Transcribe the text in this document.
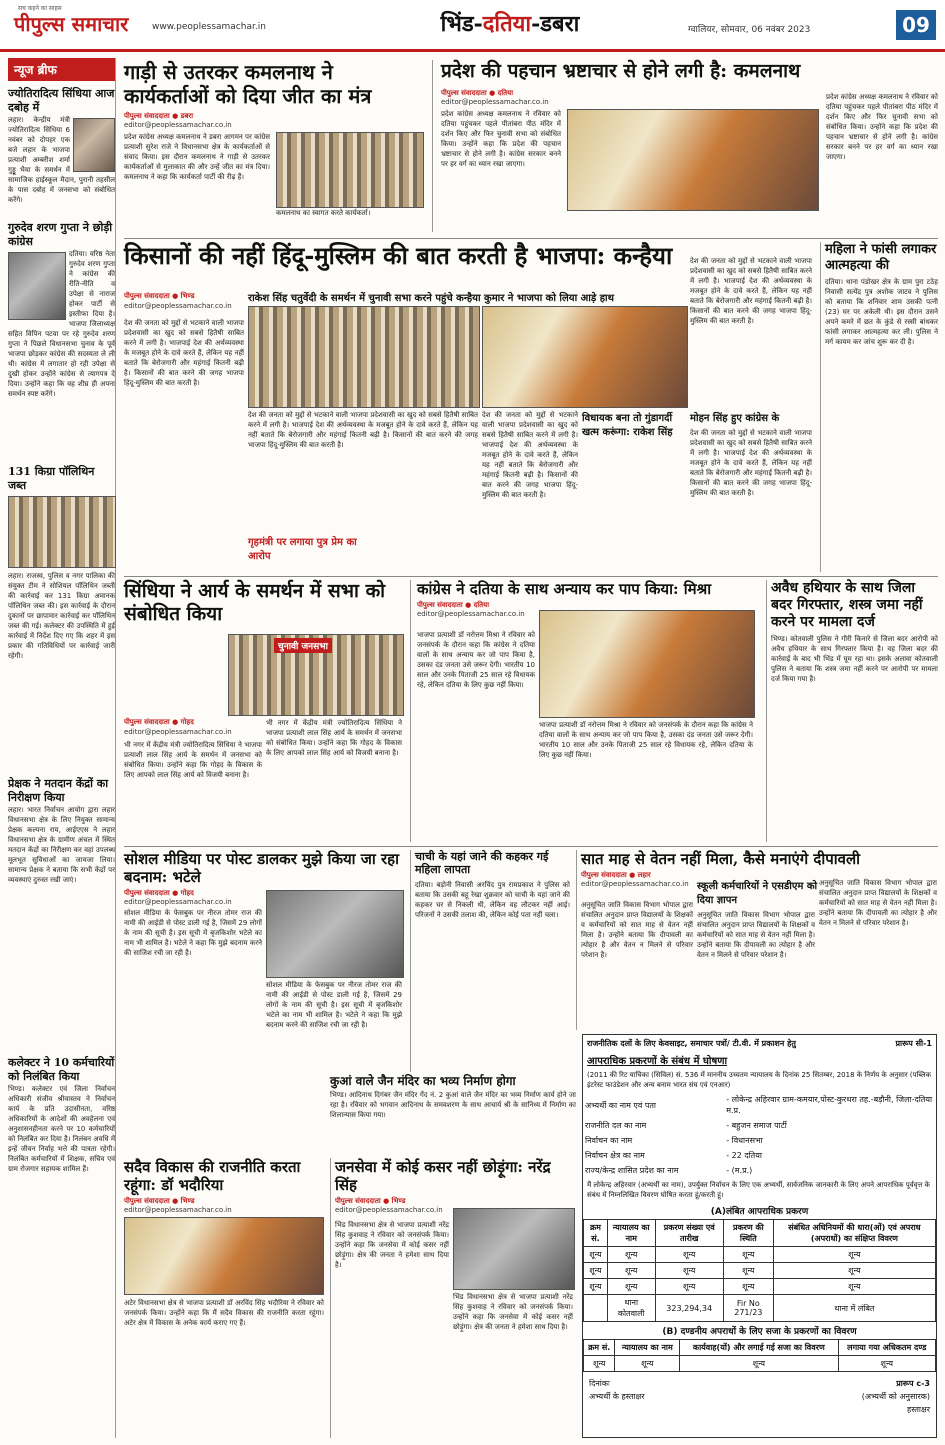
सच कहने का साहस
पीपुल्स समाचार	www.peoplessamachar.in	भिंड-दतिया-डबरा	ग्वालियर, सोमवार, 06 नवंबर 2023	09
न्यूज ब्रीफ
ज्योतिरादित्य सिंधिया आज दबोह में
लहार। केन्द्रीय मंत्री ज्योतिरादित्य सिंधिया 6 नवंबर को दोपहर एक बजे लहार के भाजपा प्रत्याशी अम्बरीश शर्मा गुड्डू भैया के समर्थन में सामाजिक हाईस्कूल मैदान, पुरानी तहसील के पास दबोह में जनसभा को संबोधित करेंगे।
गुरुदेव शरण गुप्ता ने छोड़ी कांग्रेस
दतिया। वरिष्ठ नेता गुरुदेव शरण गुप्ता ने कांग्रेस की रीति-नीति व उपेक्षा से नाराज होकर पार्टी से इस्तीफा दिया है। भाजपा जिलाध्यक्ष सहित विपिन पटवा पर रहे गुरुदेव शरण गुप्ता ने पिछले विधानसभा चुनाव के पूर्व भाजपा छोड़कर कांग्रेस की सदस्यता ले ली थी। कांग्रेस में लगातार हो रही उपेक्षा से दुखी होकर उन्होंने कांग्रेस से त्यागपत्र दे दिया। उन्होंने कहा कि वह शीघ्र ही अपना समर्थन स्पष्ट करेंगे।
131 किग्रा पॉलिथिन जब्त
लहार। राजस्व, पुलिस व नगर पालिका की संयुक्त टीम ने सोशियल पॉलिथिन जब्ती की कार्रवाई कर 131 किग्रा अमानक पॉलिथिन जब्त की। इस कार्रवाई के दौरान दुकानों पर छापामार कार्रवाई कर पॉलिथिन जब्त की गई। कलेक्टर की उपस्थिति में हुई कार्रवाई में निर्देश दिए गए कि शहर में इस प्रकार की गतिविधियों पर कार्रवाई जारी रहेगी।
प्रेक्षक ने मतदान केंद्रों का निरीक्षण किया
लहार। भारत निर्वाचन आयोग द्वारा लहार विधानसभा क्षेत्र के लिए नियुक्त सामान्य प्रेक्षक कल्पना राय, आईएएस ने लहार विधानसभा क्षेत्र के ग्रामीण अंचल में स्थित मतदान केंद्रों का निरीक्षण कर वहां उपलब्ध मूलभूत सुविधाओं का जायजा लिया। सामान्य प्रेक्षक ने बताया कि सभी केंद्रों पर व्यवस्थाएं दुरुस्त रखी जाएं।
कलेक्टर ने 10 कर्मचारियों को निलंबित किया
भिण्ड। कलेक्टर एवं जिला निर्वाचन अधिकारी संजीव श्रीवास्तव ने निर्वाचन कार्य के प्रति उदासीनता, वरिष्ठ अधिकारियों के आदेशों की अवहेलना एवं अनुशासनहीनता करने पर 10 कर्मचारियों को निलंबित कर दिया है। निलंबन अवधि में इन्हें जीवन निर्वाह भत्ते की पात्रता रहेगी। निलंबित कर्मचारियों में शिक्षक, सचिव एवं ग्राम रोजगार सहायक शामिल हैं।
गाड़ी से उतरकर कमलनाथ ने कार्यकर्ताओं को दिया जीत का मंत्र
पीपुल्स संवाददाता ● डबरा
editor@peoplessamachar.co.in
प्रदेश कांग्रेस अध्यक्ष कमलनाथ ने डबरा आगमन पर कांग्रेस प्रत्याशी सुरेश राजे ने विधानसभा क्षेत्र के कार्यकर्ताओं से संवाद किया। इस दौरान कमलनाथ ने गाड़ी से उतरकर कार्यकर्ताओं से मुलाकात की और उन्हें जीत का मंत्र दिया। कमलनाथ ने कहा कि कार्यकर्ता पार्टी की रीढ़ हैं।
कमलनाथ का स्वागत करते कार्यकर्ता।
प्रदेश की पहचान भ्रष्टाचार से होने लगी है: कमलनाथ
पीपुल्स संवाददाता ● दतिया
editor@peoplessamachar.co.in
प्रदेश कांग्रेस अध्यक्ष कमलनाथ ने रविवार को दतिया पहुंचकर पहले पीतांबरा पीठ मंदिर में दर्शन किए और फिर चुनावी सभा को संबोधित किया। उन्होंने कहा कि प्रदेश की पहचान भ्रष्टाचार से होने लगी है। कांग्रेस सरकार बनने पर हर वर्ग का ध्यान रखा जाएगा।
प्रदेश कांग्रेस अध्यक्ष कमलनाथ ने रविवार को दतिया पहुंचकर पहले पीतांबरा पीठ मंदिर में दर्शन किए और फिर चुनावी सभा को संबोधित किया। उन्होंने कहा कि प्रदेश की पहचान भ्रष्टाचार से होने लगी है। कांग्रेस सरकार बनने पर हर वर्ग का ध्यान रखा जाएगा।
किसानों की नहीं हिंदू-मुस्लिम की बात करती है भाजपा: कन्हैया
पीपुल्स संवाददाता ● भिण्ड
editor@peoplessamachar.co.in
राकेश सिंह चतुर्वेदी के समर्थन में चुनावी सभा करने पहुंचे कन्हैया कुमार ने भाजपा को लिया आड़े हाथ
देश की जनता को मुद्दों से भटकाने वाली भाजपा प्रदेशवासी का खुद को सबसे हितैषी साबित करने में लगी है। भाजपाई देश की अर्थव्यवस्था के मजबूत होने के दावे करते हैं, लेकिन यह नहीं बताते कि बेरोजगारी और महंगाई कितनी बढ़ी है। किसानों की बात करने की जगह भाजपा हिंदू-मुस्लिम की बात करती है।
देश की जनता को मुद्दों से भटकाने वाली भाजपा प्रदेशवासी का खुद को सबसे हितैषी साबित करने में लगी है। भाजपाई देश की अर्थव्यवस्था के मजबूत होने के दावे करते हैं, लेकिन यह नहीं बताते कि बेरोजगारी और महंगाई कितनी बढ़ी है। किसानों की बात करने की जगह भाजपा हिंदू-मुस्लिम की बात करती है।
विधायक बना तो गुंडागर्दी खत्म करूंगा: राकेश सिंह
देश की जनता को मुद्दों से भटकाने वाली भाजपा प्रदेशवासी का खुद को सबसे हितैषी साबित करने में लगी है। भाजपाई देश की अर्थव्यवस्था के मजबूत होने के दावे करते हैं, लेकिन यह नहीं बताते कि बेरोजगारी और महंगाई कितनी बढ़ी है। किसानों की बात करने की जगह भाजपा हिंदू-मुस्लिम की बात करती है।
गृहमंत्री पर लगाया पुत्र प्रेम का आरोप
देश की जनता को मुद्दों से भटकाने वाली भाजपा प्रदेशवासी का खुद को सबसे हितैषी साबित करने में लगी है। भाजपाई देश की अर्थव्यवस्था के मजबूत होने के दावे करते हैं, लेकिन यह नहीं बताते कि बेरोजगारी और महंगाई कितनी बढ़ी है। किसानों की बात करने की जगह भाजपा हिंदू-मुस्लिम की बात करती है।
मोहन सिंह हुए कांग्रेस के
देश की जनता को मुद्दों से भटकाने वाली भाजपा प्रदेशवासी का खुद को सबसे हितैषी साबित करने में लगी है। भाजपाई देश की अर्थव्यवस्था के मजबूत होने के दावे करते हैं, लेकिन यह नहीं बताते कि बेरोजगारी और महंगाई कितनी बढ़ी है। किसानों की बात करने की जगह भाजपा हिंदू-मुस्लिम की बात करती है।
महिला ने फांसी लगाकर आत्महत्या की
दतिया। थाना पंडोखर क्षेत्र के ग्राम पुरा टठेह निवासी सत्येंद्र पुत्र अशोक जाटव ने पुलिस को बताया कि शनिवार शाम उसकी पत्नी (23) घर पर अकेली थी। इस दौरान उसने अपने कमरे में छत के कुंडे से रस्सी बांधकर फांसी लगाकर आत्महत्या कर ली। पुलिस ने मर्ग कायम कर जांच शुरू कर दी है।
सिंधिया ने आर्य के समर्थन में सभा को संबोधित किया
चुनावी जनसभा
पीपुल्स संवाददाता ● गोहद
editor@peoplessamachar.co.in
भी नगर में केंद्रीय मंत्री ज्योतिरादित्य सिंधिया ने भाजपा प्रत्याशी लाल सिंह आर्य के समर्थन में जनसभा को संबोधित किया। उन्होंने कहा कि गोहद के विकास के लिए आपको लाल सिंह आर्य को विजयी बनाना है।
भी नगर में केंद्रीय मंत्री ज्योतिरादित्य सिंधिया ने भाजपा प्रत्याशी लाल सिंह आर्य के समर्थन में जनसभा को संबोधित किया। उन्होंने कहा कि गोहद के विकास के लिए आपको लाल सिंह आर्य को विजयी बनाना है।
कांग्रेस ने दतिया के साथ अन्याय कर पाप किया: मिश्रा
पीपुल्स संवाददाता ● दतिया
editor@peoplessamachar.co.in
भाजपा प्रत्याशी डॉ नरोत्तम मिश्रा ने रविवार को जनसंपर्क के दौरान कहा कि कांग्रेस ने दतिया वालों के साथ अन्याय कर जो पाप किया है, उसका दंड जनता उसे जरूर देगी। भारतीय 10 साल और उनके पिताजी 25 साल रहे विधायक रहे, लेकिन दतिया के लिए कुछ नहीं किया।
भाजपा प्रत्याशी डॉ नरोत्तम मिश्रा ने रविवार को जनसंपर्क के दौरान कहा कि कांग्रेस ने दतिया वालों के साथ अन्याय कर जो पाप किया है, उसका दंड जनता उसे जरूर देगी। भारतीय 10 साल और उनके पिताजी 25 साल रहे विधायक रहे, लेकिन दतिया के लिए कुछ नहीं किया।
अवैध हथियार के साथ जिला बदर गिरफ्तार, शस्त्र जमा नहीं करने पर मामला दर्ज
भिण्ड। कोतवाली पुलिस ने गौरी किनारे से जिला बदर आरोपी को अवैध हथियार के साथ गिरफ्तार किया है। वह जिला बदर की कार्रवाई के बाद भी भिंड में घूम रहा था। इसके अलावा कोतवाली पुलिस ने बताया कि शस्त्र जमा नहीं करने पर आरोपी पर मामला दर्ज किया गया है।
सोशल मीडिया पर पोस्ट डालकर मुझे किया जा रहा बदनाम: भटेले
पीपुल्स संवाददाता ● गोहद
editor@peoplessamachar.co.in
सोशल मीडिया के फेसबुक पर नीरज तोमर राज की नामी की आईडी से पोस्ट डाली गई है, जिसमें 29 लोगों के नाम की सूची है। इस सूची में बृजकिशोर भटेले का नाम भी शामिल है। भटेले ने कहा कि मुझे बदनाम करने की साजिश रची जा रही है।
सोशल मीडिया के फेसबुक पर नीरज तोमर राज की नामी की आईडी से पोस्ट डाली गई है, जिसमें 29 लोगों के नाम की सूची है। इस सूची में बृजकिशोर भटेले का नाम भी शामिल है। भटेले ने कहा कि मुझे बदनाम करने की साजिश रची जा रही है।
चाची के यहां जाने की कहकर गई महिला लापता
दतिया। बड़ोनी निवासी अरविंद पुत्र रामप्रकाश ने पुलिस को बताया कि उसकी बहू रेखा शुक्रवार को चाची के यहां जाने की कहकर घर से निकली थी, लेकिन वह लौटकर नहीं आई। परिजनों ने उसकी तलाश की, लेकिन कोई पता नहीं चला।
सात माह से वेतन नहीं मिला, कैसे मनाएंगे दीपावली
पीपुल्स संवाददाता ● लहार
editor@peoplessamachar.co.in
अनुसूचित जाति विकास विभाग भोपाल द्वारा संचालित अनुदान प्राप्त विद्यालयों के शिक्षकों व कर्मचारियों को सात माह से वेतन नहीं मिला है। उन्होंने बताया कि दीपावली का त्योहार है और वेतन न मिलने से परिवार परेशान है।
स्कूली कर्मचारियों ने एसडीएम को दिया ज्ञापन
अनुसूचित जाति विकास विभाग भोपाल द्वारा संचालित अनुदान प्राप्त विद्यालयों के शिक्षकों व कर्मचारियों को सात माह से वेतन नहीं मिला है। उन्होंने बताया कि दीपावली का त्योहार है और वेतन न मिलने से परिवार परेशान है।
अनुसूचित जाति विकास विभाग भोपाल द्वारा संचालित अनुदान प्राप्त विद्यालयों के शिक्षकों व कर्मचारियों को सात माह से वेतन नहीं मिला है। उन्होंने बताया कि दीपावली का त्योहार है और वेतन न मिलने से परिवार परेशान है।
कुआं वाले जैन मंदिर का भव्य निर्माण होगा
भिण्ड। आदिनाथ दिगंबर जैन मंदिर गेंद नं. 2 कुआं वाले जैन मंदिर का भव्य निर्माण कार्य होने जा रहा है। रविवार को भगवान आदिनाथ के समवशरण के साथ आचार्य श्री के सानिध्य में निर्माण का शिलान्यास किया गया।
सदैव विकास की राजनीति करता रहूंगा: डॉ भदौरिया
पीपुल्स संवाददाता ● भिण्ड
editor@peoplessamachar.co.in
अटेर विधानसभा क्षेत्र से भाजपा प्रत्याशी डॉ अरविंद सिंह भदौरिया ने रविवार को जनसंपर्क किया। उन्होंने कहा कि मैं सदैव विकास की राजनीति करता रहूंगा। अटेर क्षेत्र में विकास के अनेक कार्य कराए गए हैं।
जनसेवा में कोई कसर नहीं छोड़ूंगा: नरेंद्र सिंह
पीपुल्स संवाददाता ● भिण्ड
editor@peoplessamachar.co.in
भिंड विधानसभा क्षेत्र से भाजपा प्रत्याशी नरेंद्र सिंह कुशवाह ने रविवार को जनसंपर्क किया। उन्होंने कहा कि जनसेवा में कोई कसर नहीं छोड़ूंगा। क्षेत्र की जनता ने हमेशा साथ दिया है।
भिंड विधानसभा क्षेत्र से भाजपा प्रत्याशी नरेंद्र सिंह कुशवाह ने रविवार को जनसंपर्क किया। उन्होंने कहा कि जनसेवा में कोई कसर नहीं छोड़ूंगा। क्षेत्र की जनता ने हमेशा साथ दिया है।
राजनीतिक दलों के लिए केवसाइट, समाचार पत्रों/ टी.वी. में प्रकाशन हेतु	प्रारूप सी-1
आपराधिक प्रकरणों के संबंध में घोषणा
(2011 की रिट याचिका (सिविल) सं. 536 में माननीय उच्चतम न्यायालय के दिनांक 25 सितम्बर, 2018 के निर्णय के अनुसार (पब्लिक इंटरेस्ट फाउंडेशन और अन्य बनाम भारत संघ एवं एनआर)
अभ्यर्थी का नाम एवं पता	- लोकेन्द्र अहिरवार ग्राम-कमयार,पोस्ट-कुरथरा तह.-बड़ौनी, जिला-दतिया म.प्र.
राजनीति दल का नाम	- बहुजन समाज पार्टी
निर्वाचन का नाम	- विधानसभा
निर्वाचन क्षेत्र का नाम	- 22 दतिया
राज्य/केन्द्र शासित प्रदेश का नाम	- (म.प्र.)
मैं लोकेन्द्र अहिरवार (अभ्यर्थी का नाम), उपर्युक्त निर्वाचन के लिए एक अभ्यर्थी, सार्वजनिक जानकारी के लिए अपने आपराधिक पूर्ववृत्त के संबंध में निम्नलिखित विवरण घोषित करता हूं/करती हूं।
(A)लंबित आपराधिक प्रकरण
क्रम सं.	न्यायालय का नाम	प्रकरण संख्या एवं तारीख	प्रकरण की स्थिति	संबंधित अधिनियमों की धारा(ओं) एवं अपराध (अपराधों) का संक्षिप्त विवरण
शून्य	शून्य	शून्य	शून्य	शून्य
शून्य	शून्य	शून्य	शून्य	शून्य
शून्य	शून्य	शून्य	शून्य	शून्य
	थाना कोतवाली	323,294,34	Fir No 271/23	थाना में लंबित
(B) दण्डनीय अपराधों के लिए सजा के प्रकरणों का विवरण
क्रम सं.	न्यायालय का नाम	कार्यवाह(यों) और लगाई गई सजा का विवरण	लगाया गया अधिकतम दण्ड
शून्य	शून्य	शून्य	शून्य
दिनांकः	प्रारूप c-3
अभ्यर्थी के हस्ताक्षर	(अभ्यर्थी को अनुसारक)
हस्ताक्षर
